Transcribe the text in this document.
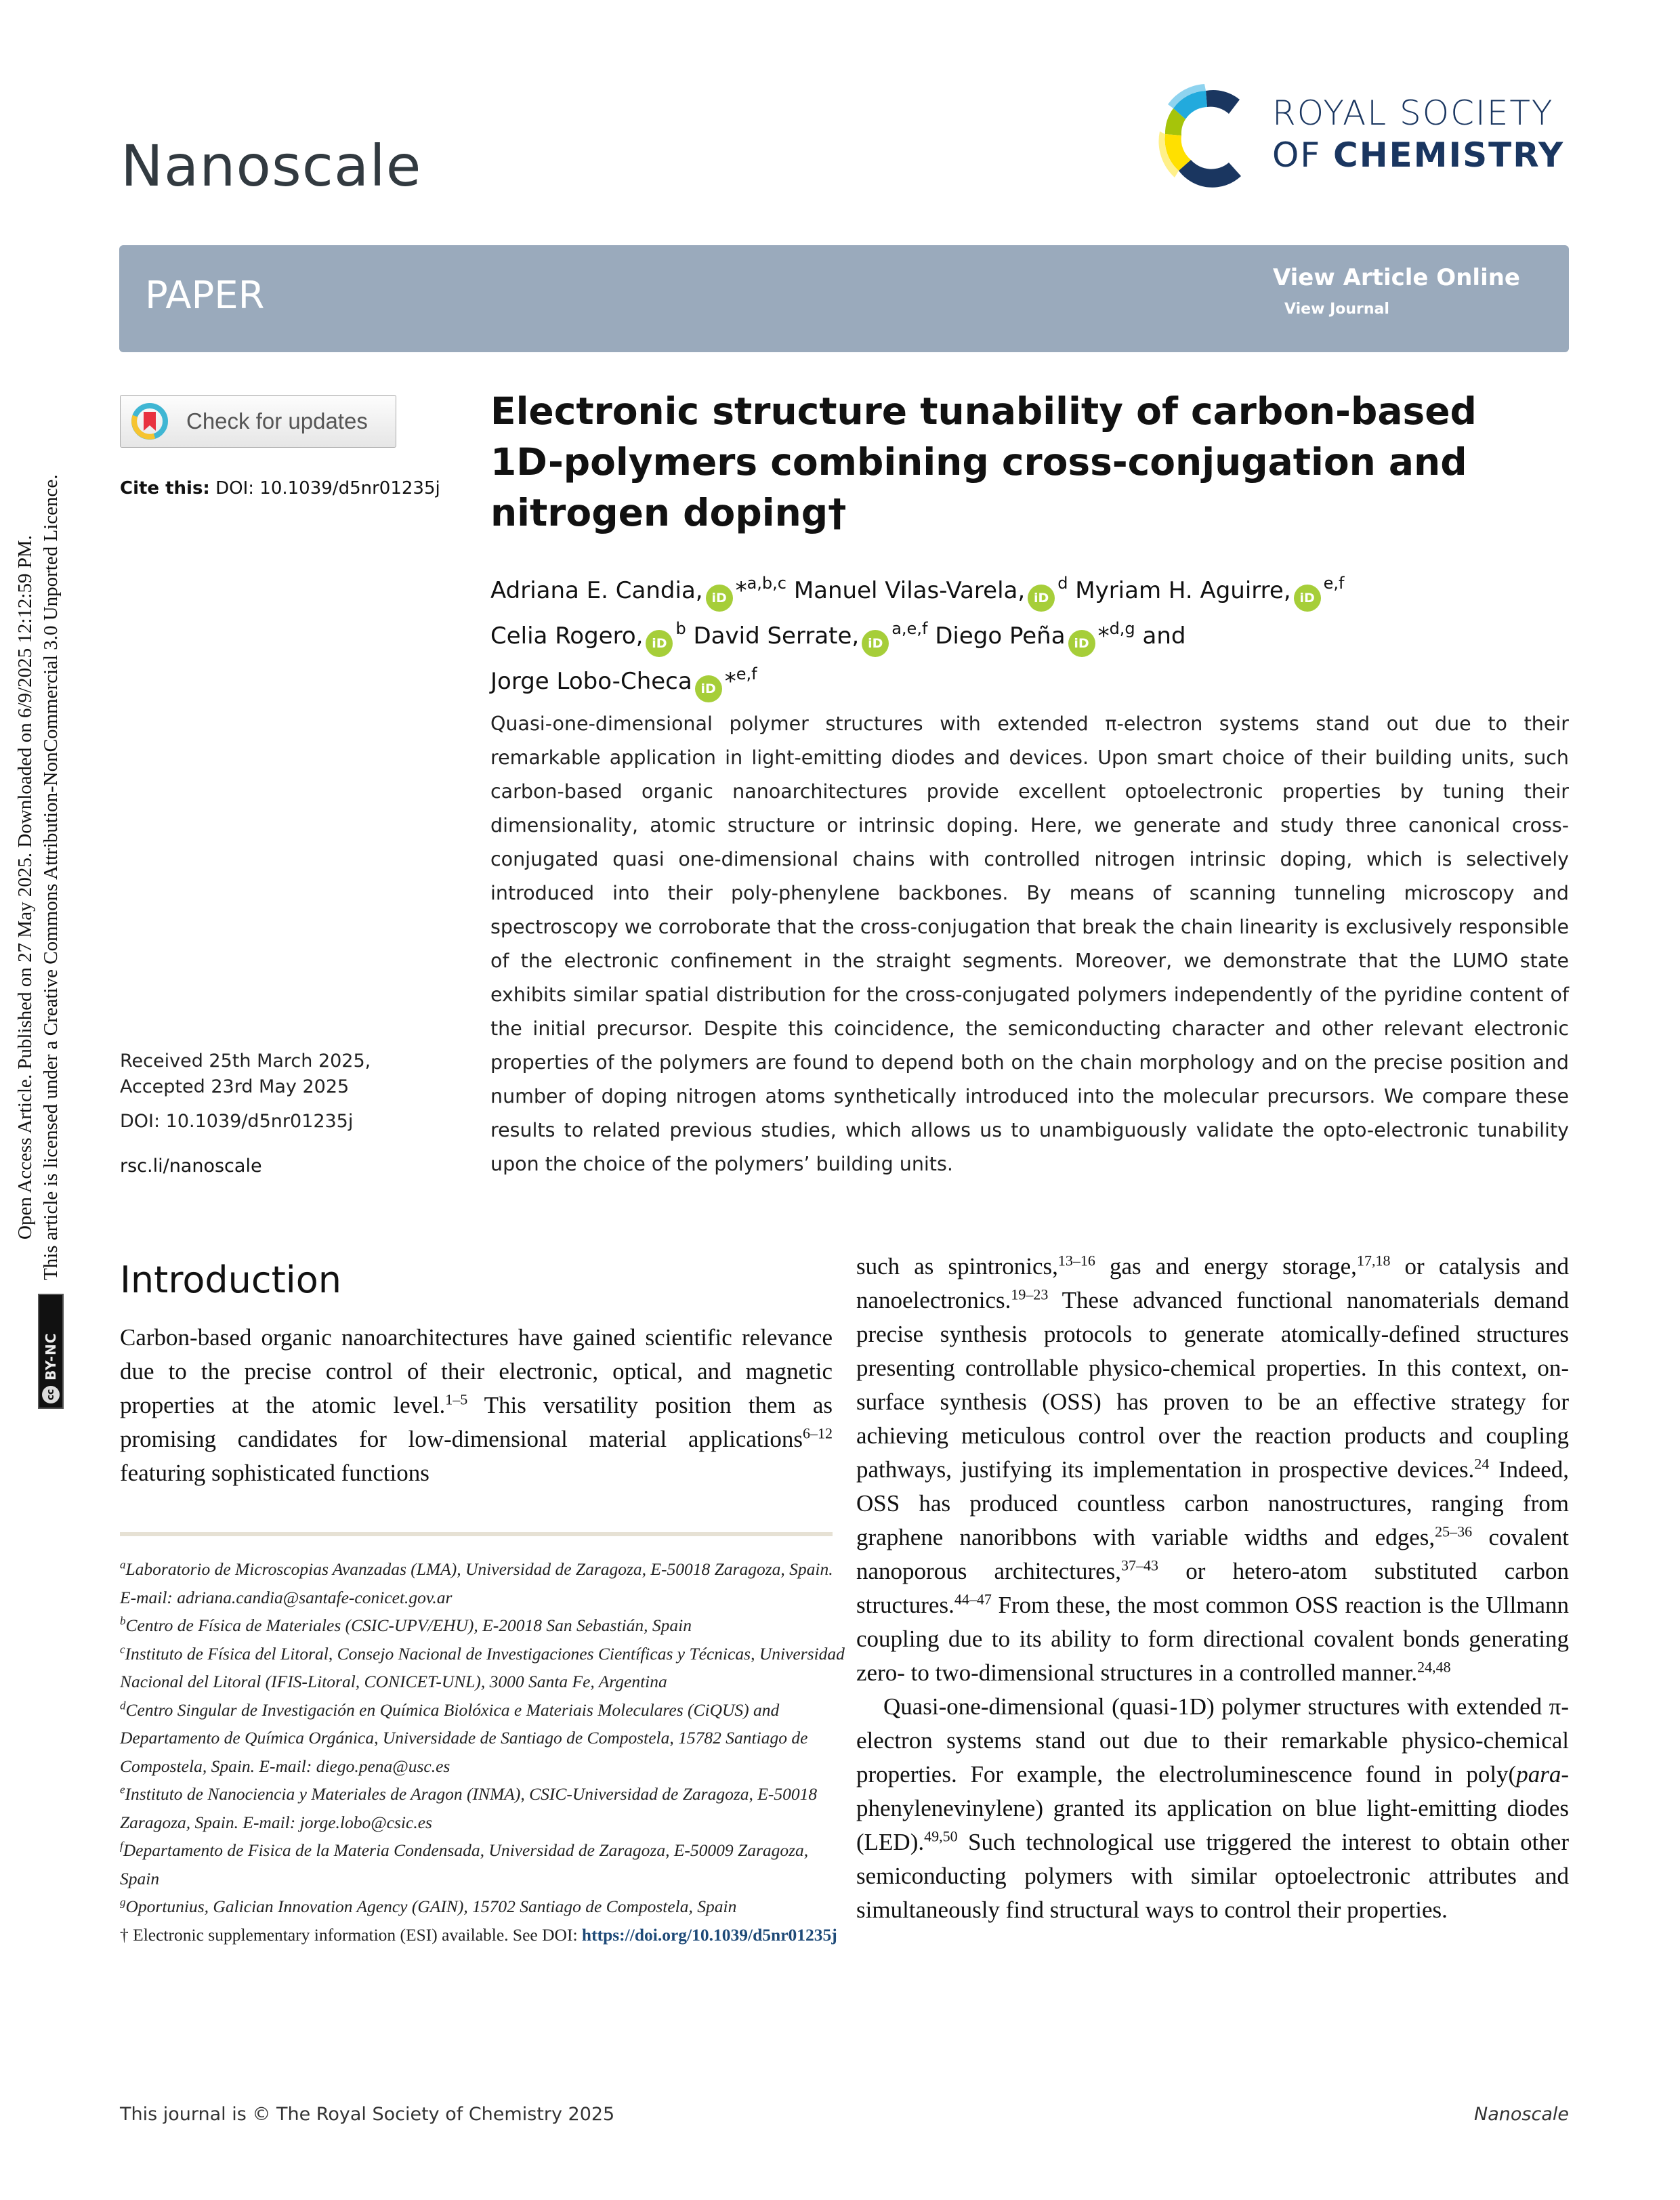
Open Access Article. Published on 27 May 2025. Downloaded on 6/9/2025 12:12:59 PM.
cc
BY-NC
This article is licensed under a Creative Commons Attribution-NonCommercial 3.0 Unported Licence.
Nanoscale
ROYAL SOCIETY
OF CHEMISTRY
PAPER	View Article Online
View Journal
Check for updates
Cite this: DOI: 10.1039/d5nr01235j
Electronic structure tunability of carbon-based 1D-polymers combining cross-conjugation and nitrogen doping†
Adriana E. Candia, iD *$^{a,b,c}$ Manuel Vilas-Varela, $iD^d$ Myriam H. Aguirre, iD$^{e,f}$
Celia Rogero, $iD^b$ David Serrate, iD$^{a,e,f}$ Diego Peña iD *$^{d,g}$ and
Jorge Lobo-Checa iD *$^{e,f}$

Quasi-one-dimensional polymer structures with extended π-electron systems stand out due to their remarkable application in light-emitting diodes and devices. Upon smart choice of their building units, such carbon-based organic nanoarchitectures provide excellent optoelectronic properties by tuning their dimensionality, atomic structure or intrinsic doping. Here, we generate and study three canonical cross-conjugated quasi one-dimensional chains with controlled nitrogen intrinsic doping, which is selectively introduced into their poly-phenylene backbones. By means of scanning tunneling microscopy and spectroscopy we corroborate that the cross-conjugation that break the chain linearity is exclusively responsible of the electronic confinement in the straight segments. Moreover, we demonstrate that the LUMO state exhibits similar spatial distribution for the cross-conjugated polymers independently of the pyridine content of the initial precursor. Despite this coincidence, the semiconducting character and other relevant electronic properties of the polymers are found to depend both on the chain morphology and on the precise position and number of doping nitrogen atoms synthetically introduced into the molecular precursors. We compare these results to related previous studies, which allows us to unambiguously validate the opto-electronic tunability upon the choice of the polymers’ building units.

Received 25th March 2025,
Accepted 23rd May 2025
DOI: 10.1039/d5nr01235j
rsc.li/nanoscale
Introduction

Carbon-based organic nanoarchitectures have gained scientific relevance due to the precise control of their electronic, optical, and magnetic properties at the atomic level.$^{1-5}$ This versatility position them as promising candidates for low-dimensional material applications$^{6-12}$ featuring sophisticated functions

such as spintronics,$^{13-16}$ gas and energy storage,$^{17,18}$ or catalysis and nanoelectronics.$^{19-23}$ These advanced functional nanomaterials demand precise synthesis protocols to generate atomically-defined structures presenting controllable physico-chemical properties. In this context, on-surface synthesis (OSS) has proven to be an effective strategy for achieving meticulous control over the reaction products and coupling pathways, justifying its implementation in prospective devices.$^{24}$ Indeed, OSS has produced countless carbon nanostructures, ranging from graphene nanoribbons with variable widths and edges,$^{25-36}$ covalent nanoporous architectures,$^{37-43}$ or hetero-atom substituted carbon structures.$^{44-47}$ From these, the most common OSS reaction is the Ullmann coupling due to its ability to form directional covalent bonds generating zero- to two-dimensional structures in a controlled manner.$^{24,48}$

Quasi-one-dimensional (quasi-1D) polymer structures with extended π-electron systems stand out due to their remarkable physico-chemical properties. For example, the electroluminescence found in poly(para-phenylenevinylene) granted its application on blue light-emitting diodes (LED).$^{49,50}$ Such technological use triggered the interest to obtain other semiconducting polymers with similar optoelectronic attributes and simultaneously find structural ways to control their properties.

$^a$Laboratorio de Microscopias Avanzadas (LMA), Universidad de Zaragoza, E-50018 Zaragoza, Spain. E-mail: adriana.candia@santafe-conicet.gov.ar

$^b$Centro de Física de Materiales (CSIC-UPV/EHU), E-20018 San Sebastián, Spain

$^c$Instituto de Física del Litoral, Consejo Nacional de Investigaciones Científicas y Técnicas, Universidad Nacional del Litoral (IFIS-Litoral, CONICET-UNL), 3000 Santa Fe, Argentina

$^d$Centro Singular de Investigación en Química Biolóxica e Materiais Moleculares (CiQUS) and Departamento de Química Orgánica, Universidade de Santiago de Compostela, 15782 Santiago de Compostela, Spain. E-mail: diego.pena@usc.es

$^e$Instituto de Nanociencia y Materiales de Aragon (INMA), CSIC-Universidad de Zaragoza, E-50018 Zaragoza, Spain. E-mail: jorge.lobo@csic.es

$^f$Departamento de Fisica de la Materia Condensada, Universidad de Zaragoza, E-50009 Zaragoza, Spain

$^g$Oportunius, Galician Innovation Agency (GAIN), 15702 Santiago de Compostela, Spain

† Electronic supplementary information (ESI) available. See DOI: https://doi.org/10.1039/d5nr01235j

This journal is © The Royal Society of Chemistry 2025	Nanoscale
